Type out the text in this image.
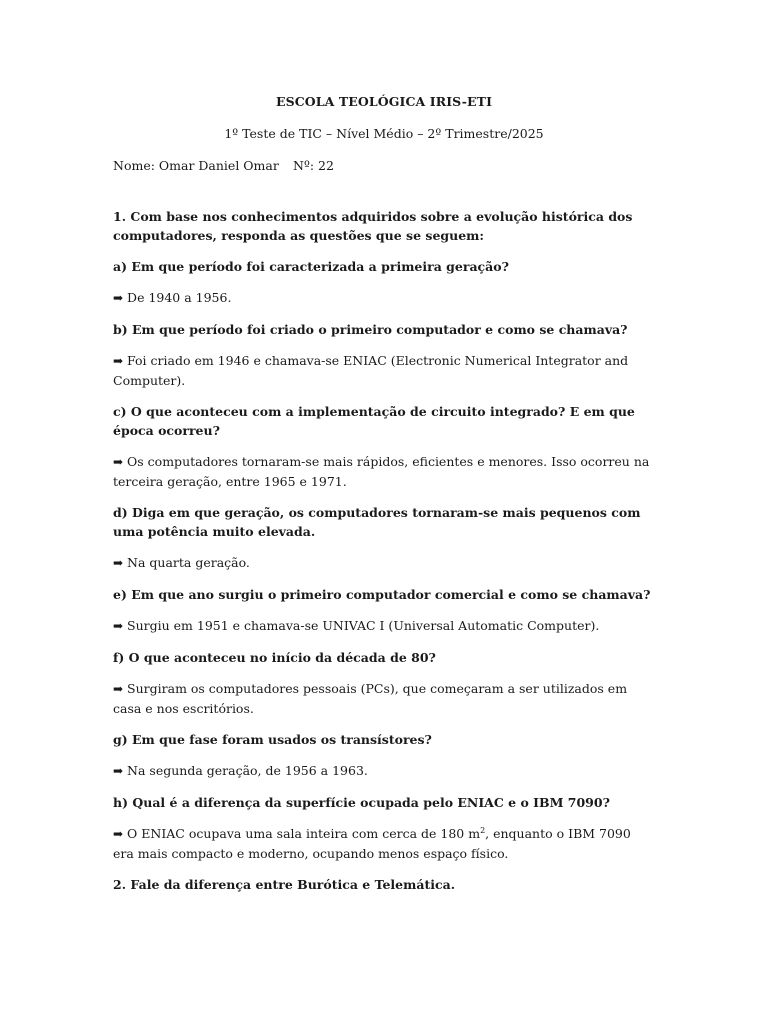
ESCOLA TEOLÓGICA IRIS-ETI
1º Teste de TIC – Nível Médio – 2º Trimestre/2025
Nome: Omar Daniel Omar Nº: 22

1. Com base nos conhecimentos adquiridos sobre a evolução histórica dos computadores, responda as questões que se seguem:

a) Em que período foi caracterizada a primeira geração?

➡ De 1940 a 1956.

b) Em que período foi criado o primeiro computador e como se chamava?

➡ Foi criado em 1946 e chamava-se ENIAC (Electronic Numerical Integrator and Computer).

c) O que aconteceu com a implementação de circuito integrado? E em que época ocorreu?

➡ Os computadores tornaram-se mais rápidos, eficientes e menores. Isso ocorreu na terceira geração, entre 1965 e 1971.

d) Diga em que geração, os computadores tornaram-se mais pequenos com uma potência muito elevada.

➡ Na quarta geração.

e) Em que ano surgiu o primeiro computador comercial e como se chamava?

➡ Surgiu em 1951 e chamava-se UNIVAC I (Universal Automatic Computer).

f) O que aconteceu no início da década de 80?

➡ Surgiram os computadores pessoais (PCs), que começaram a ser utilizados em casa e nos escritórios.

g) Em que fase foram usados os transístores?

➡ Na segunda geração, de 1956 a 1963.

h) Qual é a diferença da superfície ocupada pelo ENIAC e o IBM 7090?

➡ O ENIAC ocupava uma sala inteira com cerca de 180 $m^2$, enquanto o IBM 7090 era mais compacto e moderno, ocupando menos espaço físico.

2. Fale da diferença entre Burótica e Telemática.
